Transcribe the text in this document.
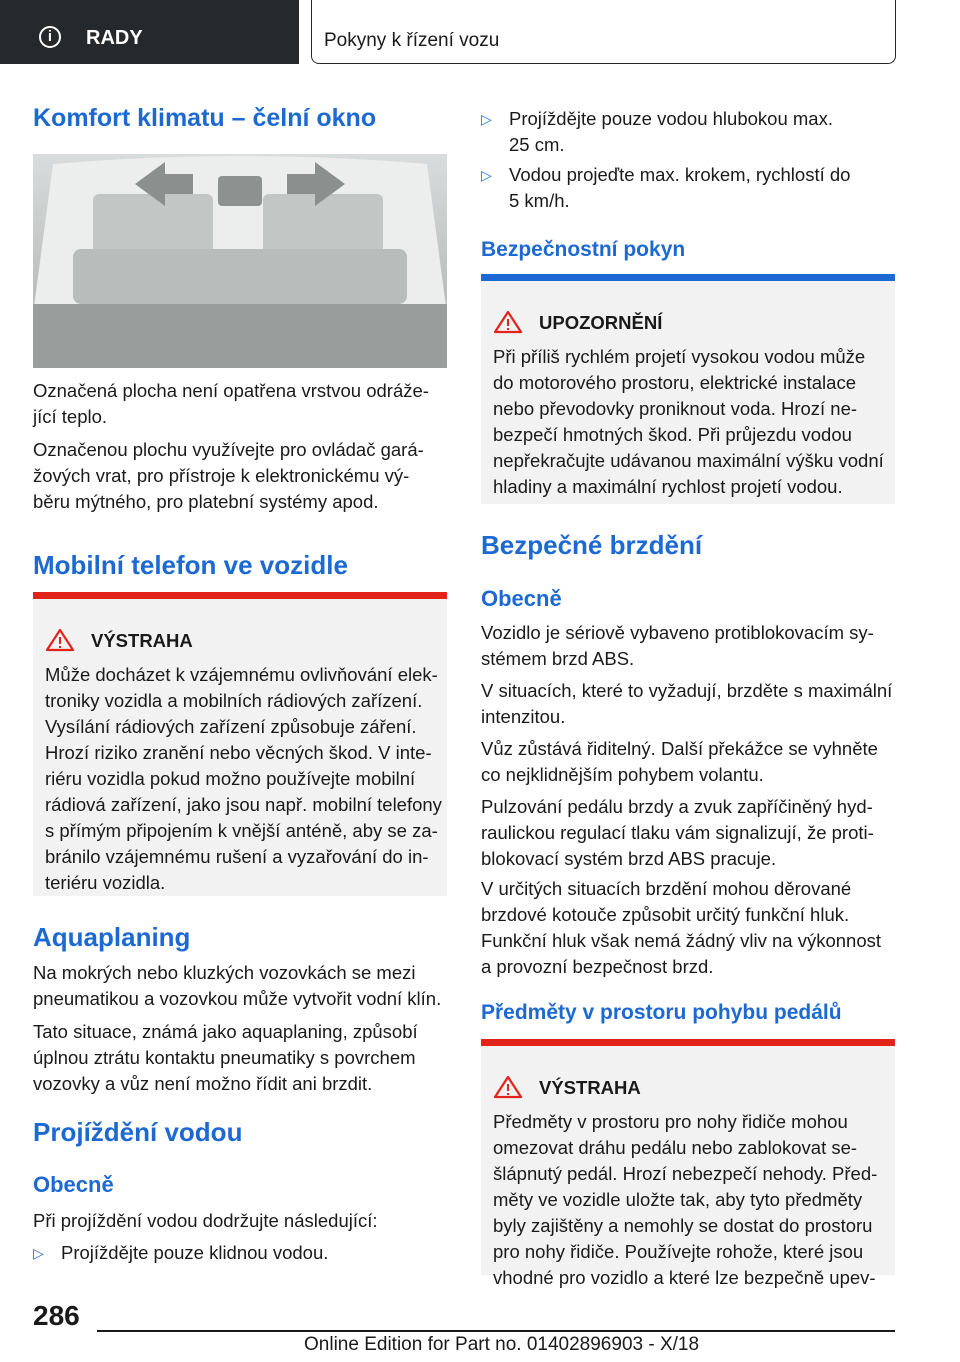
i	RADY	Pokyny k řízení vozu
Komfort klimatu – čelní okno

Označená plocha není opatřena vrstvou odráže-
jící teplo.

Označenou plochu využívejte pro ovládač gará-
žových vrat, pro přístroje k elektronickému vý-
běru mýtného, pro platební systémy apod.

Mobilní telefon ve vozidle
VÝSTRAHA

Může docházet k vzájemnému ovlivňování elek-
troniky vozidla a mobilních rádiových zařízení.
Vysílání rádiových zařízení způsobuje záření.
Hrozí riziko zranění nebo věcných škod. V inte-
riéru vozidla pokud možno používejte mobilní
rádiová zařízení, jako jsou např. mobilní telefony
s přímým připojením k vnější anténě, aby se za-
bránilo vzájemnému rušení a vyzařování do in-
teriéru vozidla.

Aquaplaning

Na mokrých nebo kluzkých vozovkách se mezi
pneumatikou a vozovkou může vytvořit vodní klín.

Tato situace, známá jako aquaplaning, způsobí
úplnou ztrátu kontaktu pneumatiky s povrchem
vozovky a vůz není možno řídit ani brzdit.

Projíždění vodou
Obecně

Při projíždění vodou dodržujte následující:

▷ Projíždějte pouze klidnou vodou.
▷ Projíždějte pouze vodou hlubokou max.
25 cm.
▷ Vodou projeďte max. krokem, rychlostí do
5 km/h.
Bezpečnostní pokyn
UPOZORNĚNÍ

Při příliš rychlém projetí vysokou vodou může
do motorového prostoru, elektrické instalace
nebo převodovky proniknout voda. Hrozí ne-
bezpečí hmotných škod. Při průjezdu vodou
nepřekračujte udávanou maximální výšku vodní
hladiny a maximální rychlost projetí vodou.

Bezpečné brzdění
Obecně

Vozidlo je sériově vybaveno protiblokovacím sy-
stémem brzd ABS.

V situacích, které to vyžadují, brzděte s maximální
intenzitou.

Vůz zůstává řiditelný. Další překážce se vyhněte
co nejklidnějším pohybem volantu.

Pulzování pedálu brzdy a zvuk zapříčiněný hyd-
raulickou regulací tlaku vám signalizují, že proti-
blokovací systém brzd ABS pracuje.

V určitých situacích brzdění mohou děrované
brzdové kotouče způsobit určitý funkční hluk.
Funkční hluk však nemá žádný vliv na výkonnost
a provozní bezpečnost brzd.

Předměty v prostoru pohybu pedálů
VÝSTRAHA

Předměty v prostoru pro nohy řidiče mohou
omezovat dráhu pedálu nebo zablokovat se-
šlápnutý pedál. Hrozí nebezpečí nehody. Před-
měty ve vozidle uložte tak, aby tyto předměty
byly zajištěny a nemohly se dostat do prostoru
pro nohy řidiče. Používejte rohože, které jsou
vhodné pro vozidlo a které lze bezpečně upev-

286
Online Edition for Part no. 01402896903 - X/18
